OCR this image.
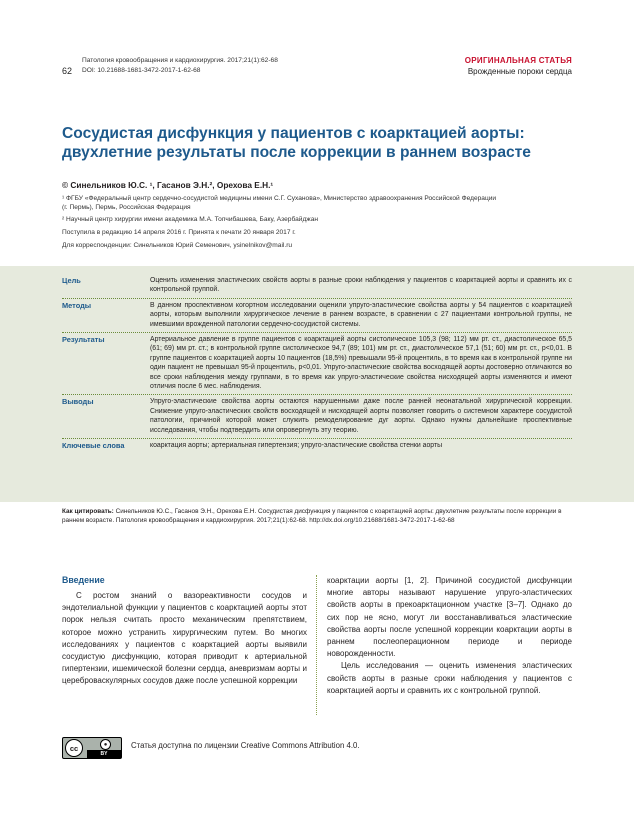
62
Патология кровообращения и кардиохирургия. 2017;21(1):62-68
DOI: 10.21688-1681-3472-2017-1-62-68
ОРИГИНАЛЬНАЯ СТАТЬЯ
Врожденные пороки сердца
Сосудистая дисфункция у пациентов с коарктацией аорты:
двухлетние результаты после коррекции в раннем возрасте
© Синельников Ю.С. ¹, Гасанов Э.Н.², Орехова Е.Н.¹
¹ ФГБУ «Федеральный центр сердечно-сосудистой медицины имени С.Г. Суханова», Министерство здравоохранения Российской Федерации
(г. Пермь), Пермь, Российская Федерация
² Научный центр хирургии имени академика М.А. Топчибашева, Баку, Азербайджан
Поступила в редакцию 14 апреля 2016 г. Принята к печати 20 января 2017 г.
Для корреспонденции: Синельников Юрий Семенович, ysinelnikov@mail.ru
Цель	Оценить изменения эластических свойств аорты в разные сроки наблюдения у пациентов с коарктацией аорты и сравнить их с контрольной группой.
Методы	В данном проспективном когортном исследовании оценили упруго-эластические свойства аорты у 54 пациентов с коарктацией аорты, которым выполнили хирургическое лечение в раннем возрасте, в сравнении с 27 пациентами контрольной группы, не имевшими врожденной патологии сердечно-сосудистой системы.
Результаты	Артериальное давление в группе пациентов с коарктацией аорты систолическое 105,3 (98; 112) мм рт. ст., диастолическое 65,5 (61; 69) мм рт. ст.; в контрольной группе систолическое 94,7 (89; 101) мм рт. ст., диастолическое 57,1 (51; 60) мм рт. ст., p<0,01. В группе пациентов с коарктацией аорты 10 пациентов (18,5%) превышали 95-й процентиль, в то время как в контрольной группе ни один пациент не превышал 95-й процентиль, p<0,01. Упруго-эластические свойства восходящей аорты достоверно отличаются во все сроки наблюдения между группами, в то время как упруго-эластические свойства нисходящей аорты изменяются и имеют отличия после 6 мес. наблюдения.
Выводы	Упруго-эластические свойства аорты остаются нарушенными даже после ранней неонатальной хирургической коррекции. Снижение упруго-эластических свойств восходящей и нисходящей аорты позволяет говорить о системном характере сосудистой патологии, причиной которой может служить ремоделирование дуг аорты. Однако нужны дальнейшие проспективные исследования, чтобы подтвердить или опровергнуть эту теорию.
Ключевые слова	коарктация аорты; артериальная гипертензия; упруго-эластические свойства стенки аорты
Как цитировать: Синельников Ю.С., Гасанов Э.Н., Орехова Е.Н. Сосудистая дисфункция у пациентов с коарктацией аорты: двухлетние результаты после коррекции в раннем возрасте. Патология кровообращения и кардиохирургия. 2017;21(1):62-68. http://dx.doi.org/10.21688/1681-3472-2017-1-62-68
Введение

С ростом знаний о вазореактивности сосудов и эндотелиальной функции у пациентов с коарктацией аорты этот порок нельзя считать просто механическим препятствием, которое можно устранить хирургическим путем. Во многих исследованиях у пациентов с коарктацией аорты выявили сосудистую дисфункцию, которая приводит к артериальной гипертензии, ишемической болезни сердца, аневризмам аорты и цереброваскулярных сосудов даже после успешной коррекции

коарктации аорты [1, 2]. Причиной сосудистой дисфункции многие авторы называют нарушение упруго-эластических свойств аорты в прекоарктационном участке [3–7]. Однако до сих пор не ясно, могут ли восстанавливаться эластические свойства аорты после успешной коррекции коарктации аорты в раннем послеоперационном периоде и периоде новорожденности.

Цель исследования — оценить изменения эластических свойств аорты в разные сроки наблюдения у пациентов с коарктацией аорты и сравнить их с контрольной группой.

cc	●
BY
Статья доступна по лицензии Creative Commons Attribution 4.0.
